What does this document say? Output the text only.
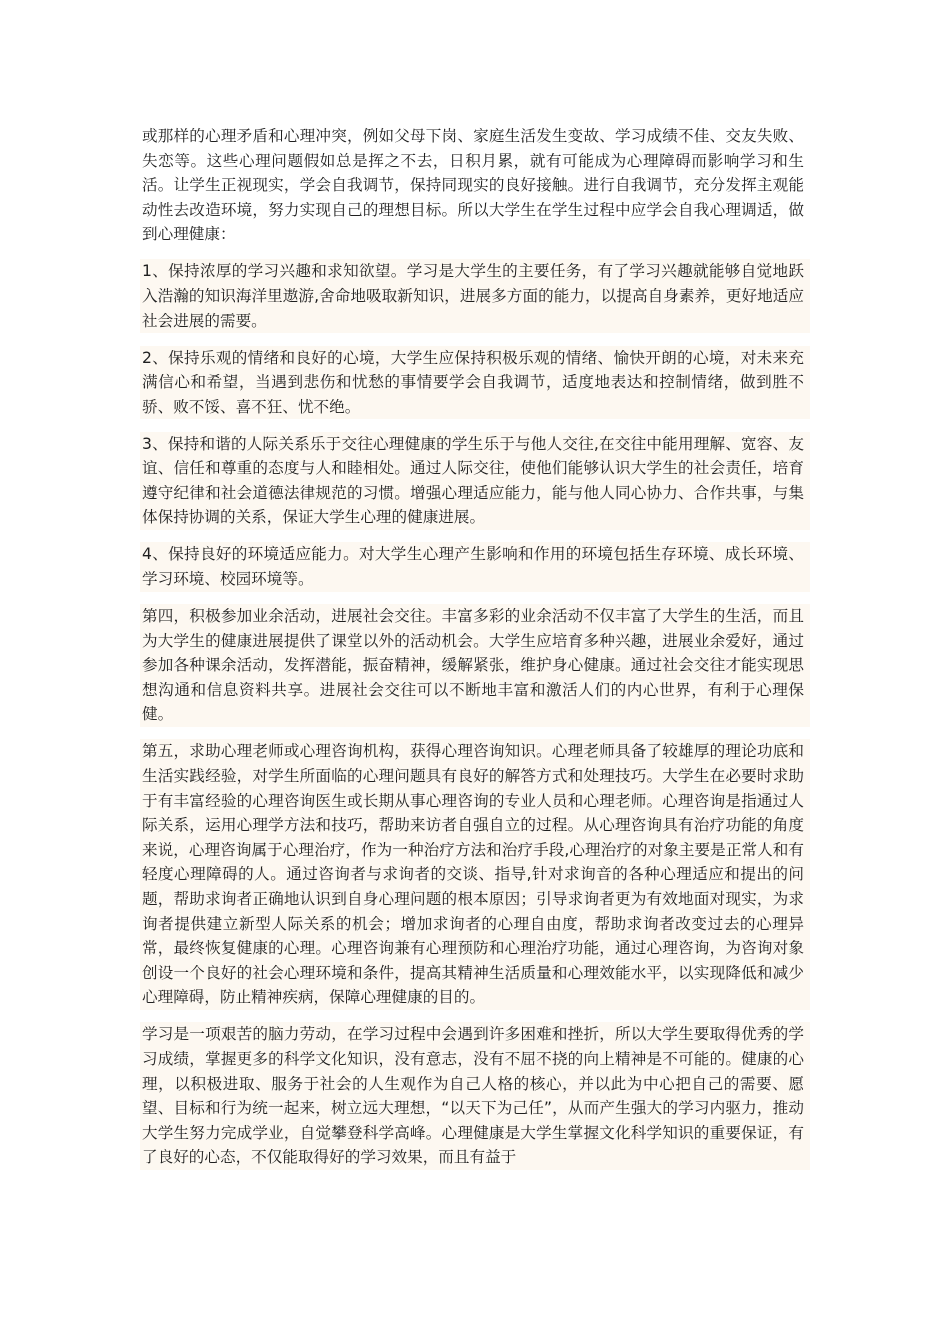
或那样的心理矛盾和心理冲突，例如父母下岗、家庭生活发生变故、学习成绩不佳、交友失败、失恋等。这些心理问题假如总是挥之不去，日积月累，就有可能成为心理障碍而影响学习和生活。让学生正视现实，学会自我调节，保持同现实的良好接触。进行自我调节，充分发挥主观能动性去改造环境，努力实现自己的理想目标。所以大学生在学生过程中应学会自我心理调适，做到心理健康：

1、保持浓厚的学习兴趣和求知欲望。学习是大学生的主要任务，有了学习兴趣就能够自觉地跃入浩瀚的知识海洋里遨游,舍命地吸取新知识，进展多方面的能力，以提高自身素养，更好地适应社会进展的需要。

2、保持乐观的情绪和良好的心境，大学生应保持积极乐观的情绪、愉快开朗的心境，对未来充满信心和希望，当遇到悲伤和忧愁的事情要学会自我调节，适度地表达和控制情绪，做到胜不骄、败不馁、喜不狂、忧不绝。

3、保持和谐的人际关系乐于交往心理健康的学生乐于与他人交往,在交往中能用理解、宽容、友谊、信任和尊重的态度与人和睦相处。通过人际交往，使他们能够认识大学生的社会责任，培育遵守纪律和社会道德法律规范的习惯。增强心理适应能力，能与他人同心协力、合作共事，与集体保持协调的关系，保证大学生心理的健康进展。

4、保持良好的环境适应能力。对大学生心理产生影响和作用的环境包括生存环境、成长环境、学习环境、校园环境等。

第四，积极参加业余活动，进展社会交往。丰富多彩的业余活动不仅丰富了大学生的生活，而且为大学生的健康进展提供了课堂以外的活动机会。大学生应培育多种兴趣，进展业余爱好，通过参加各种课余活动，发挥潜能，振奋精神，缓解紧张，维护身心健康。通过社会交往才能实现思想沟通和信息资料共享。进展社会交往可以不断地丰富和激活人们的内心世界，有利于心理保健。

第五，求助心理老师或心理咨询机构，获得心理咨询知识。心理老师具备了较雄厚的理论功底和生活实践经验，对学生所面临的心理问题具有良好的解答方式和处理技巧。大学生在必要时求助于有丰富经验的心理咨询医生或长期从事心理咨询的专业人员和心理老师。心理咨询是指通过人际关系，运用心理学方法和技巧，帮助来访者自强自立的过程。从心理咨询具有治疗功能的角度来说，心理咨询属于心理治疗，作为一种治疗方法和治疗手段,心理治疗的对象主要是正常人和有轻度心理障碍的人。通过咨询者与求询者的交谈、指导,针对求询音的各种心理适应和提出的问题，帮助求询者正确地认识到自身心理问题的根本原因；引导求询者更为有效地面对现实，为求询者提供建立新型人际关系的机会；增加求询者的心理自由度，帮助求询者改变过去的心理异常，最终恢复健康的心理。心理咨询兼有心理预防和心理治疗功能，通过心理咨询，为咨询对象创设一个良好的社会心理环境和条件，提高其精神生活质量和心理效能水平，以实现降低和减少心理障碍，防止精神疾病，保障心理健康的目的。

学习是一项艰苦的脑力劳动，在学习过程中会遇到许多困难和挫折，所以大学生要取得优秀的学习成绩，掌握更多的科学文化知识，没有意志，没有不屈不挠的向上精神是不可能的。健康的心理，以积极进取、服务于社会的人生观作为自己人格的核心，并以此为中心把自己的需要、愿望、目标和行为统一起来，树立远大理想，“以天下为己任”，从而产生强大的学习内驱力，推动大学生努力完成学业，自觉攀登科学高峰。心理健康是大学生掌握文化科学知识的重要保证，有了良好的心态，不仅能取得好的学习效果，而且有益于
